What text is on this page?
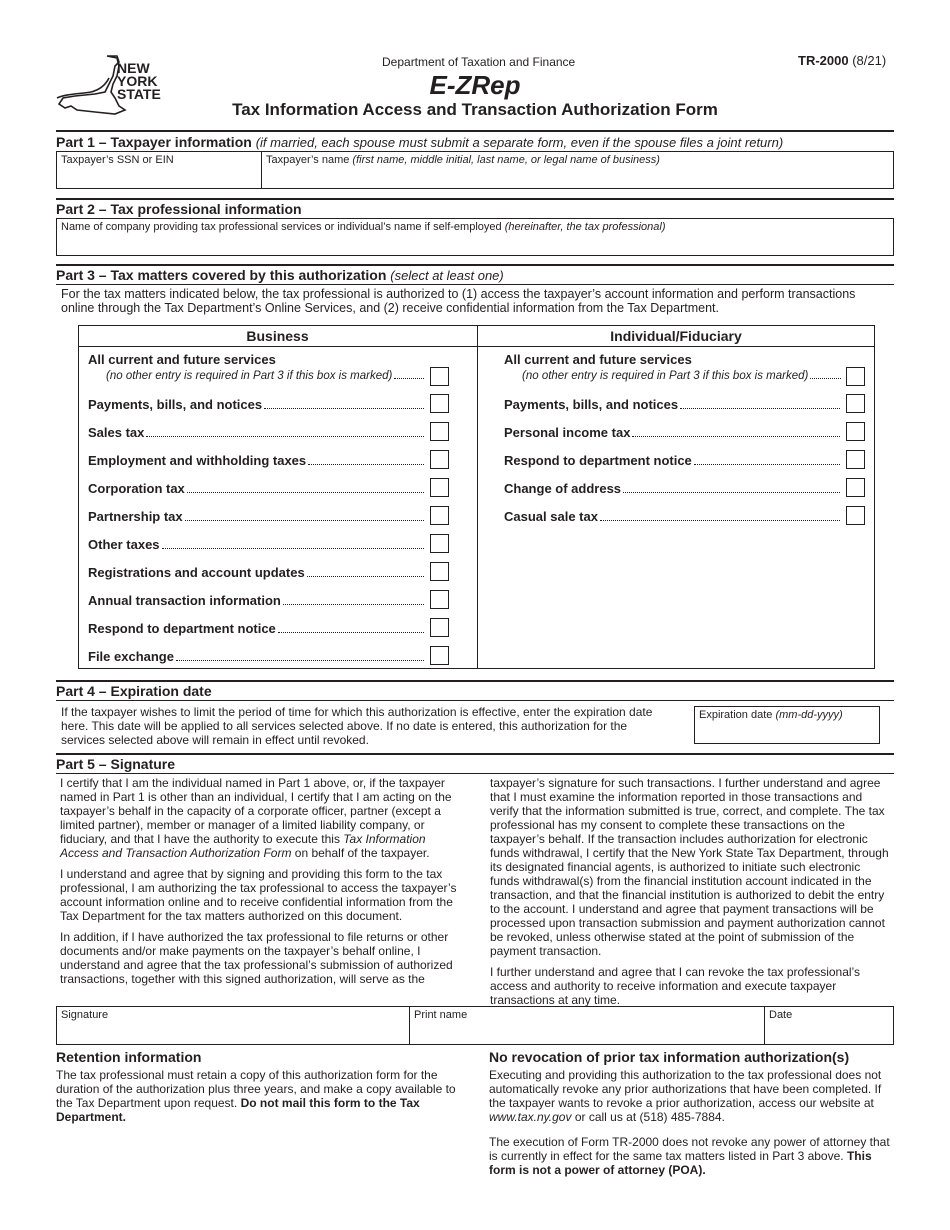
NEW
YORK
STATE
Department of Taxation and Finance	TR-2000 (8/21)
E-ZRep
Tax Information Access and Transaction Authorization Form
Part 1 – Taxpayer information (if married, each spouse must submit a separate form, even if the spouse files a joint return)
Taxpayer’s SSN or EIN	Taxpayer’s name (first name, middle initial, last name, or legal name of business)
Part 2 – Tax professional information
Name of company providing tax professional services or individual’s name if self-employed (hereinafter, the tax professional)
Part 3 – Tax matters covered by this authorization (select at least one)
For the tax matters indicated below, the tax professional is authorized to (1) access the taxpayer’s account information and perform transactions online through the Tax Department’s Online Services, and (2) receive confidential information from the Tax Department.
Business	Individual/Fiduciary
All current and future services
(no other entry is required in Part 3 if this box is marked)
Payments, bills, and notices
Sales tax
Employment and withholding taxes
Corporation tax
Partnership tax
Other taxes
Registrations and account updates
Annual transaction information
Respond to department notice
File exchange
All current and future services
(no other entry is required in Part 3 if this box is marked)
Payments, bills, and notices
Personal income tax
Respond to department notice
Change of address
Casual sale tax
Part 4 – Expiration date
If the taxpayer wishes to limit the period of time for which this authorization is effective, enter the expiration date here. This date will be applied to all services selected above. If no date is entered, this authorization for the services selected above will remain in effect until revoked.
Expiration date (mm-dd-yyyy)
Part 5 – Signature

I certify that I am the individual named in Part 1 above, or, if the taxpayer named in Part 1 is other than an individual, I certify that I am acting on the taxpayer’s behalf in the capacity of a corporate officer, partner (except a limited partner), member or manager of a limited liability company, or fiduciary, and that I have the authority to execute this Tax Information Access and Transaction Authorization Form on behalf of the taxpayer.

I understand and agree that by signing and providing this form to the tax professional, I am authorizing the tax professional to access the taxpayer’s account information online and to receive confidential information from the Tax Department for the tax matters authorized on this document.

In addition, if I have authorized the tax professional to file returns or other documents and/or make payments on the taxpayer’s behalf online, I understand and agree that the tax professional’s submission of authorized transactions, together with this signed authorization, will serve as the

taxpayer’s signature for such transactions. I further understand and agree that I must examine the information reported in those transactions and verify that the information submitted is true, correct, and complete. The tax professional has my consent to complete these transactions on the taxpayer’s behalf. If the transaction includes authorization for electronic funds withdrawal, I certify that the New York State Tax Department, through its designated financial agents, is authorized to initiate such electronic funds withdrawal(s) from the financial institution account indicated in the transaction, and that the financial institution is authorized to debit the entry to the account. I understand and agree that payment transactions will be processed upon transaction submission and payment authorization cannot be revoked, unless otherwise stated at the point of submission of the payment transaction.

I further understand and agree that I can revoke the tax professional’s access and authority to receive information and execute taxpayer transactions at any time.

Signature	Print name	Date
Retention information
The tax professional must retain a copy of this authorization form for the duration of the authorization plus three years, and make a copy available to the Tax Department upon request. Do not mail this form to the Tax Department.
No revocation of prior tax information authorization(s)

Executing and providing this authorization to the tax professional does not automatically revoke any prior authorizations that have been completed. If the taxpayer wants to revoke a prior authorization, access our website at www.tax.ny.gov or call us at (518) 485-7884.

The execution of Form TR-2000 does not revoke any power of attorney that is currently in effect for the same tax matters listed in Part 3 above. This form is not a power of attorney (POA).
